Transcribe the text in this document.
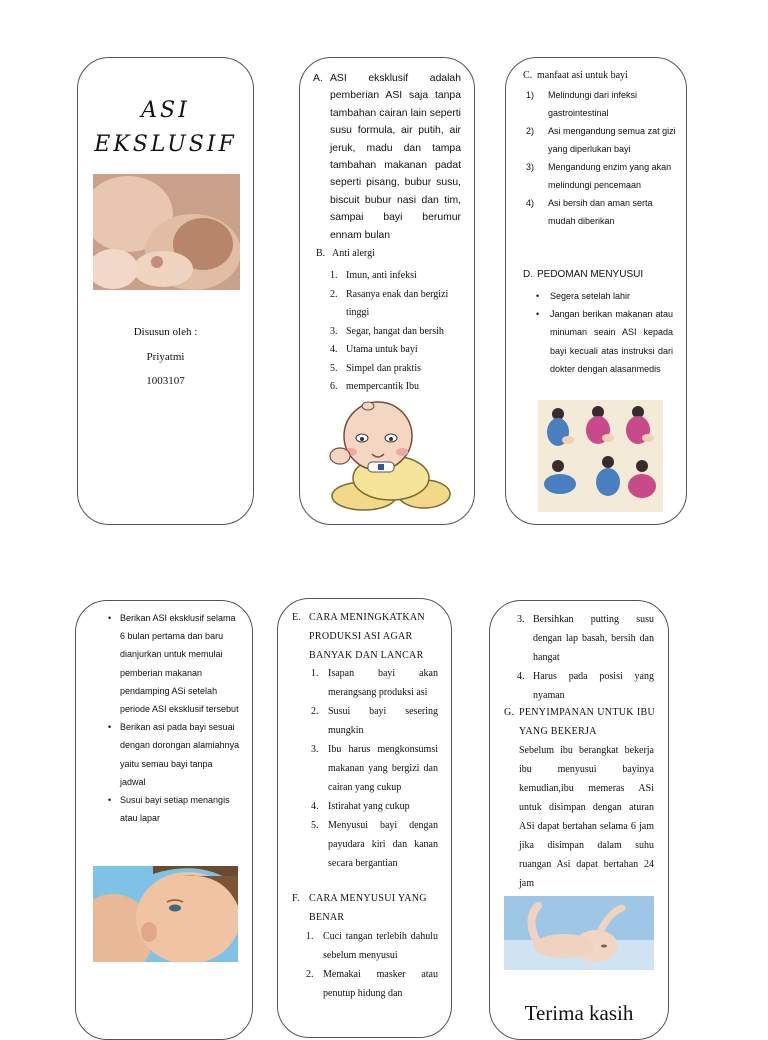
ASI
EKSLUSIF
Disusun oleh :
Priyatmi
1003107
A. ASI eksklusif adalah pemberian ASI saja tanpa tambahan cairan lain seperti susu formula, air putih, air jeruk, madu dan tampa tambahan makanan padat seperti pisang, bubur susu, biscuit bubur nasi dan tim, sampai bayi berumur ennam bulan
B. Anti alergi
1. Imun, anti infeksi
2. Rasanya enak dan bergizi tinggi
3. Segar, hangat dan bersih
4. Utama untuk bayi
5. Simpel dan praktis
6. mempercantik Ibu
C. manfaat asi untuk bayi
1)	Melindungi dari infeksi gastrointestinal
2)	Asi mengandung semua zat gizi yang diperlukan bayi
3)	Mengandung enzim yang akan melindungi pencemaan
4)	Asi bersih dan aman serta mudah diberikan
D. PEDOMAN MENYUSUI
•	Segera setelah lahir
•	Jangan berikan makanan atau minuman seain ASI kepada bayi kecuali atas instruksi dari dokter dengan alasanmedis
• Berikan ASI eksklusif selama 6 bulan pertama dan baru dianjurkan untuk memulai pemberian makanan pendamping ASi setelah periode ASI eksklusif tersebut
• Berikan asi pada bayi sesuai dengan dorongan alamiahnya yaitu semau bayi tanpa jadwal
• Susui bayi setiap menangis atau lapar
E. CARA MENINGKATKAN PRODUKSI ASI AGAR BANYAK DAN LANCAR
1. Isapan bayi akan merangsang produksi asi
2. Susui bayi sesering mungkin
3. Ibu harus mengkonsumsi makanan yang bergizi dan cairan yang cukup
4. Istirahat yang cukup
5. Menyusui bayi dengan payudara kiri dan kanan secara bergantian
F. CARA MENYUSUI YANG BENAR
1. Cuci tangan terlebih dahulu sebelum menyusui
2. Memakai masker atau penutup hidung dan
3. Bersihkan putting susu dengan lap basah, bersih dan hangat
4. Harus pada posisi yang nyaman
G. PENYIMPANAN UNTUK IBU YANG BEKERJA
Sebelum ibu berangkat bekerja ibu menyusui bayinya kemudian,ibu memeras ASi untuk disimpan dengan aturan ASi dapat bertahan selama 6 jam jika disimpan dalam suhu ruangan Asi dapat bertahan 24 jam
Terima kasih
